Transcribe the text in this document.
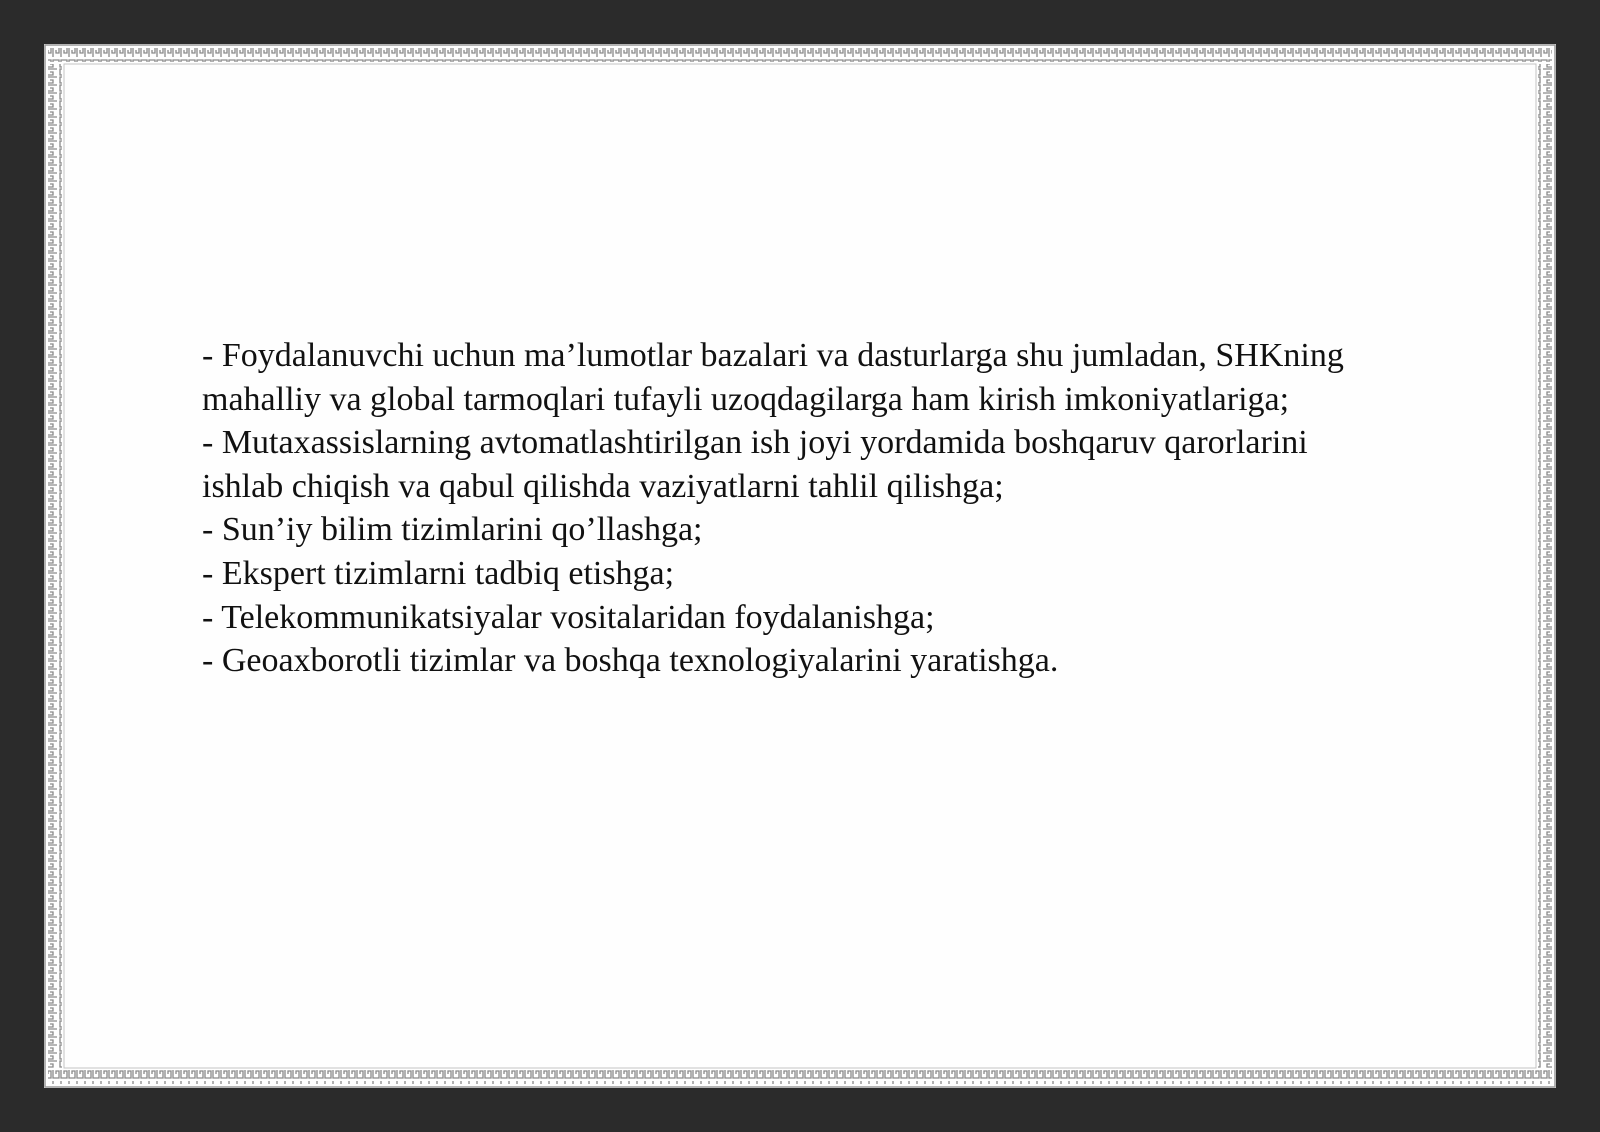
- Foydalanuvchi uchun ma’lumotlar bazalari va dasturlarga shu jumladan, SHKning

mahalliy va global tarmoqlari tufayli uzoqdagilarga ham kirish imkoniyatlariga;

- Mutaxassislarning avtomatlashtirilgan ish joyi yordamida boshqaruv qarorlarini

ishlab chiqish va qabul qilishda vaziyatlarni tahlil qilishga;

- Sun’iy bilim tizimlarini qo’llashga;

- Ekspert tizimlarni tadbiq etishga;

- Telekommunikatsiyalar vositalaridan foydalanishga;

- Geoaxborotli tizimlar va boshqa texnologiyalarini yaratishga.
